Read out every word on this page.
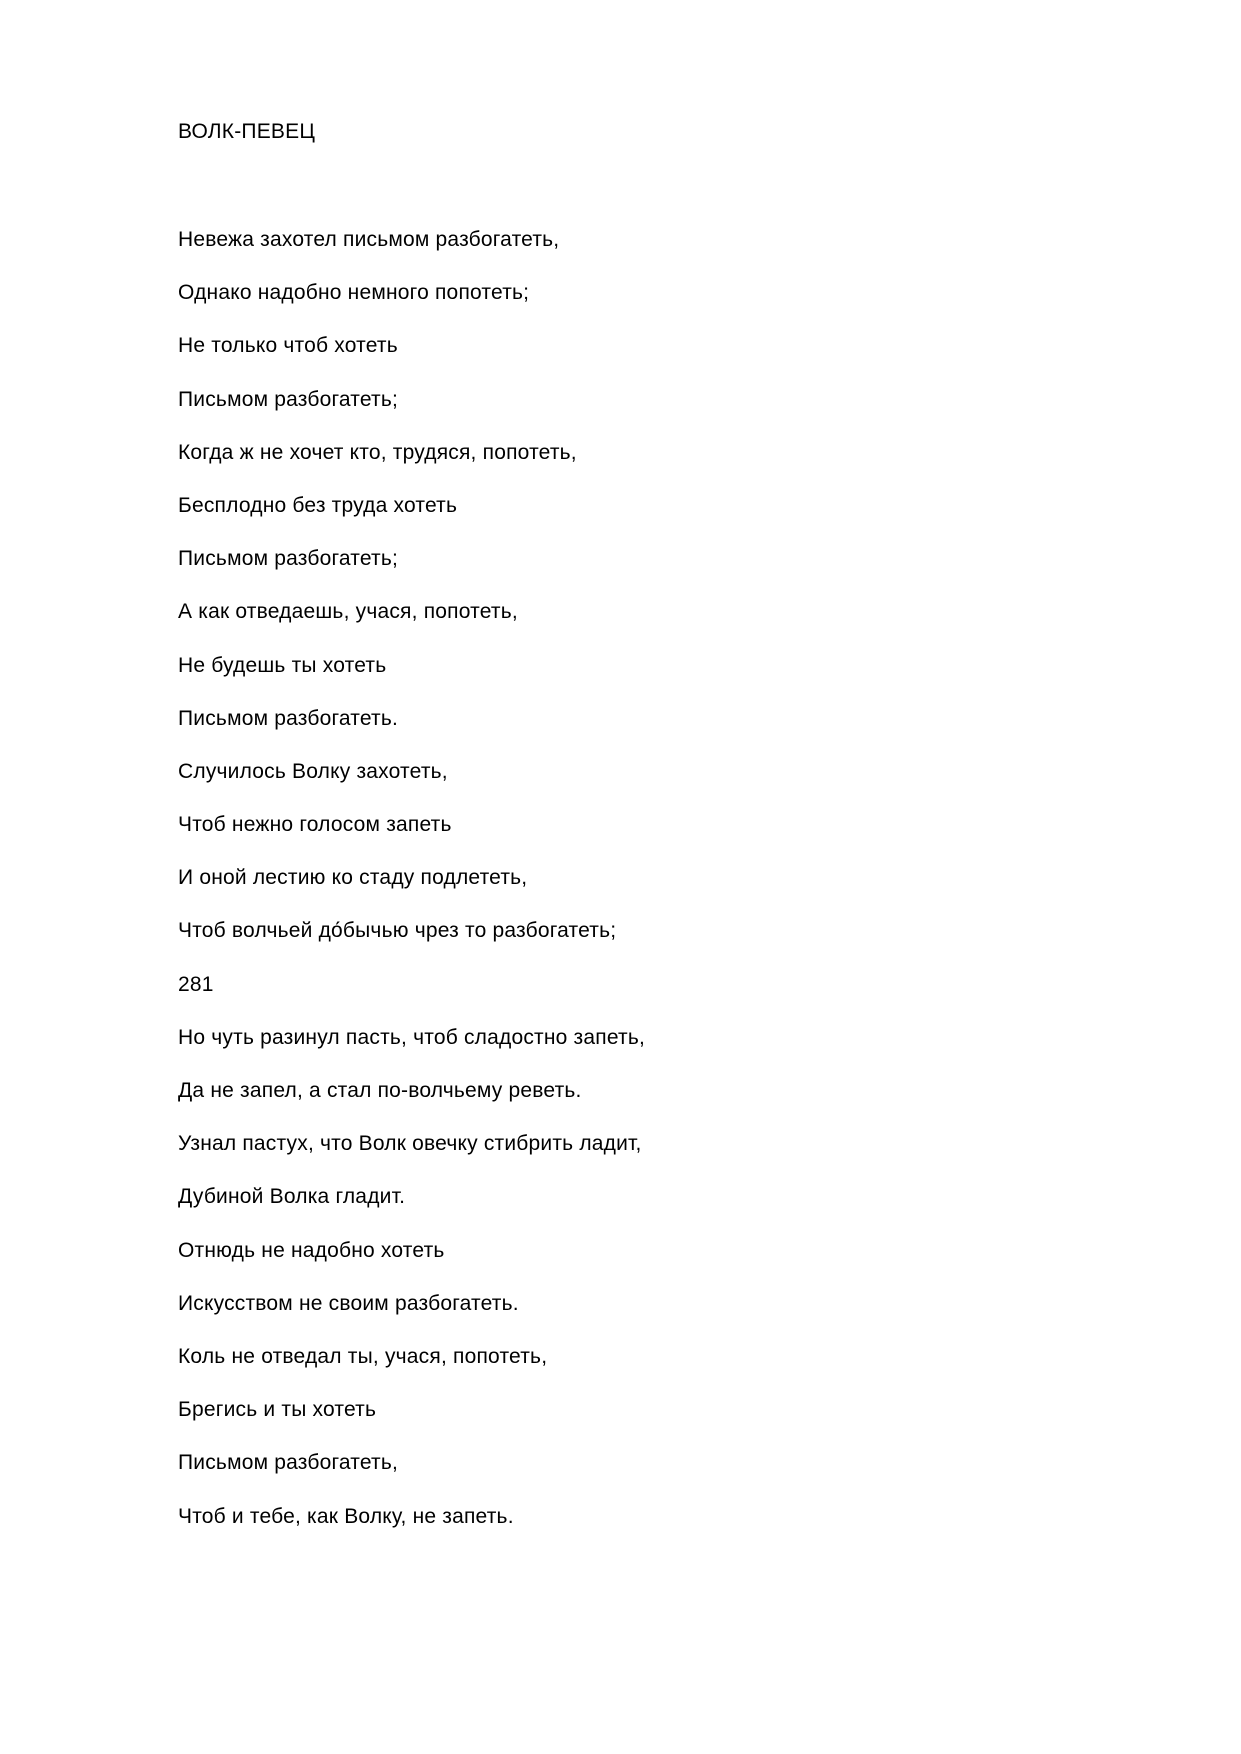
ВОЛК-ПЕВЕЦ
Невежа захотел письмом разбогатеть,
Однако надобно немного попотеть;
Не только чтоб хотеть
Письмом разбогатеть;
Когда ж не хочет кто, трудяся, попотеть,
Бесплодно без труда хотеть
Письмом разбогатеть;
А как отведаешь, учася, попотеть,
Не будешь ты хотеть
Письмом разбогатеть.
Случилось Волку захотеть,
Чтоб нежно голосом запеть
И оной лестию ко стаду подлететь,
Чтоб волчьей до́бычью чрез то разбогатеть;
281
Но чуть разинул пасть, чтоб сладостно запеть,
Да не запел, а стал по-волчьему реветь.
Узнал пастух, что Волк овечку стибрить ладит,
Дубиной Волка гладит.
Отнюдь не надобно хотеть
Искусством не своим разбогатеть.
Коль не отведал ты, учася, попотеть,
Брегись и ты хотеть
Письмом разбогатеть,
Чтоб и тебе, как Волку, не запеть.
